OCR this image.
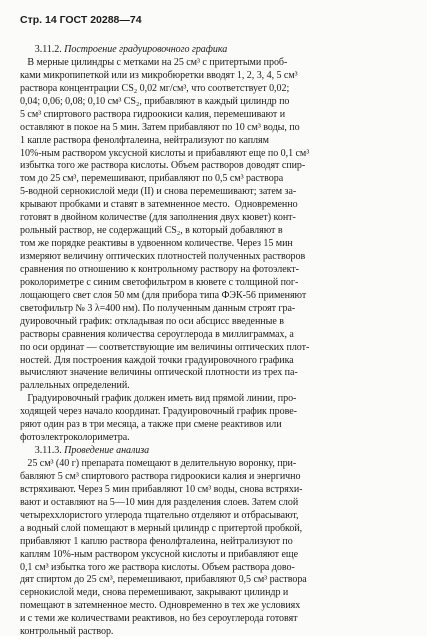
Стр. 14 ГОСТ 20288—74
3.11.2. Построение градуировочного графика
В мерные цилиндры с метками на 25 см³ с притертыми проб-
ками микропипеткой или из микробюретки вводят 1, 2, 3, 4, 5 см³
раствора концентрации CS₂ 0,02 мг/см³, что соответствует 0,02;
0,04; 0,06; 0,08; 0,10 см³ CS₂, прибавляют в каждый цилиндр по
5 см³ спиртового раствора гидроокиси калия, перемешивают и
оставляют в покое на 5 мин. Затем прибавляют по 10 см³ воды, по
1 капле раствора фенолфталеина, нейтрализуют по каплям
10%-ным раствором уксусной кислоты и прибавляют еще по 0,1 см³
избытка того же раствора кислоты. Объем растворов доводят спир-
том до 25 см³, перемешивают, прибавляют по 0,5 см³ раствора
5-водной сернокислой меди (II) и снова перемешивают; затем за-
крывают пробками и ставят в затемненное место.  Одновременно
готовят в двойном количестве (для заполнения двух кювет) конт-
рольный раствор, не содержащий CS₂, в который добавляют в
том же порядке реактивы в удвоенном количестве. Через 15 мин
измеряют величину оптических плотностей полученных растворов
сравнения по отношению к контрольному раствору на фотоэлект-
роколориметре с синим светофильтром в кювете с толщиной пог-
лощающего свет слоя 50 мм (для прибора типа ФЭК-56 применяют
светофильтр № 3 λ=400 нм). По полученным данным строят гра-
дуировочный график: откладывая по оси абсцисс введенные в
растворы сравнения количества сероуглерода в миллиграммах, а
по оси ординат — соответствующие им величины оптических плот-
ностей. Для построения каждой точки градуировочного графика
вычисляют значение величины оптической плотности из трех па-
раллельных определений.
Градуировочный график должен иметь вид прямой линии, про-
ходящей через начало координат. Градуировочный график прове-
ряют один раз в три месяца, а также при смене реактивов или
фотоэлектроколориметра.
3.11.3. Проведение анализа
25 см³ (40 г) препарата помещают в делительную воронку, при-
бавляют 5 см³ спиртового раствора гидроокиси калия и энергично
встряхивают. Через 5 мин прибавляют 10 см³ воды, снова встряхи-
вают и оставляют на 5—10 мин для разделения слоев. Затем слой
четыреххлористого углерода тщательно отделяют и отбрасывают,
а водный слой помещают в мерный цилиндр с притертой пробкой,
прибавляют 1 каплю раствора фенолфталеина, нейтрализуют по
каплям 10%-ным раствором уксусной кислоты и прибавляют еще
0,1 см³ избытка того же раствора кислоты. Объем раствора дово-
дят спиртом до 25 см³, перемешивают, прибавляют 0,5 см³ раствора
сернокислой меди, снова перемешивают, закрывают цилиндр и
помещают в затемненное место. Одновременно в тех же условиях
и с теми же количествами реактивов, но без сероуглерода готовят
контрольный раствор.
